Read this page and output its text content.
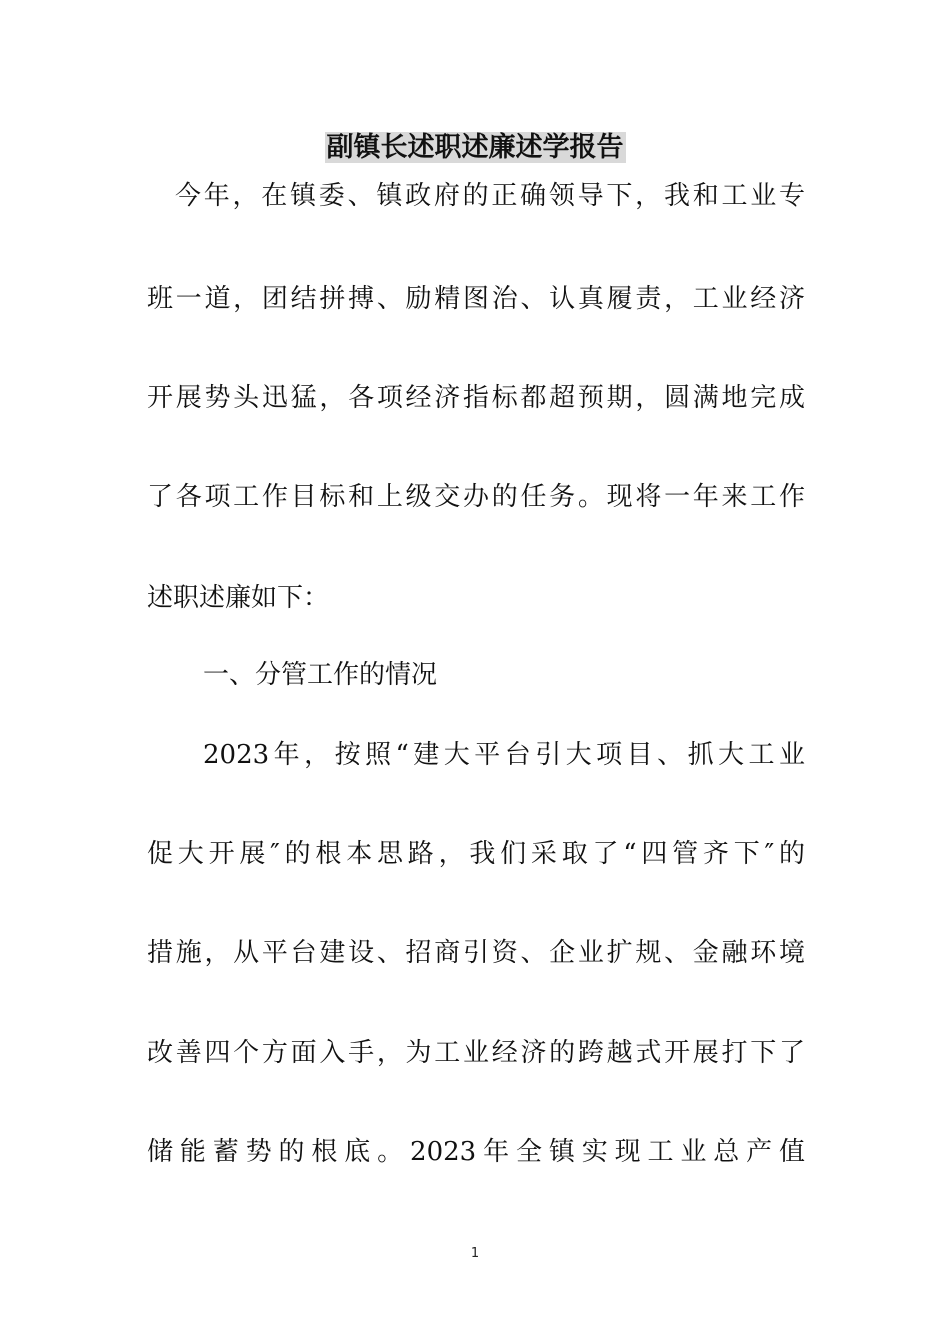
副镇长述职述廉述学报告
今年，在镇委、镇政府的正确领导下，我和工业专
班一道，团结拼搏、励精图治、认真履责，工业经济
开展势头迅猛，各项经济指标都超预期，圆满地完成
了各项工作目标和上级交办的任务。现将一年来工作
述职述廉如下：
一、分管工作的情况
2023年，按照“建大平台引大项目、抓大工业
促大开展″的根本思路，我们采取了“四管齐下″的
措施，从平台建设、招商引资、企业扩规、金融环境
改善四个方面入手，为工业经济的跨越式开展打下了
储能蓄势的根底。2023年全镇实现工业总产值
1
